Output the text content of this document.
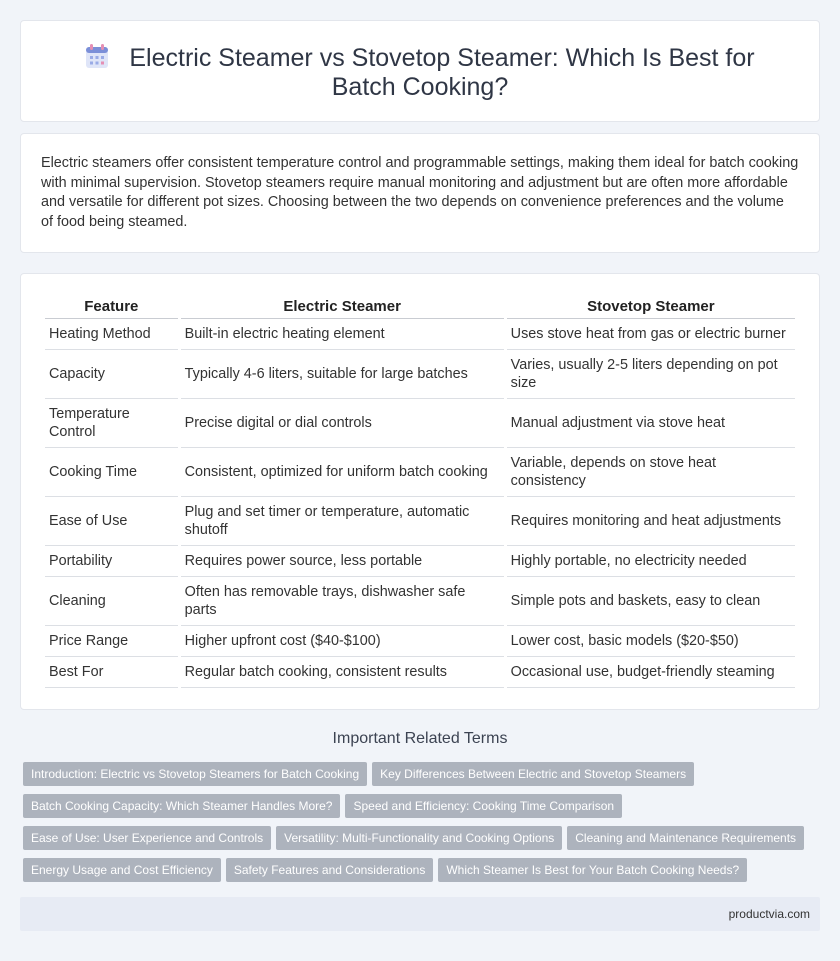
Electric Steamer vs Stovetop Steamer: Which Is Best for Batch Cooking?

Electric steamers offer consistent temperature control and programmable settings, making them ideal for batch cooking with minimal supervision. Stovetop steamers require manual monitoring and adjustment but are often more affordable and versatile for different pot sizes. Choosing between the two depends on convenience preferences and the volume of food being steamed.

Feature	Electric Steamer	Stovetop Steamer
Heating Method	Built-in electric heating element	Uses stove heat from gas or electric burner
Capacity	Typically 4-6 liters, suitable for large batches	Varies, usually 2-5 liters depending on pot size
Temperature Control	Precise digital or dial controls	Manual adjustment via stove heat
Cooking Time	Consistent, optimized for uniform batch cooking	Variable, depends on stove heat consistency
Ease of Use	Plug and set timer or temperature, automatic shutoff	Requires monitoring and heat adjustments
Portability	Requires power source, less portable	Highly portable, no electricity needed
Cleaning	Often has removable trays, dishwasher safe parts	Simple pots and baskets, easy to clean
Price Range	Higher upfront cost ($40-$100)	Lower cost, basic models ($20-$50)
Best For	Regular batch cooking, consistent results	Occasional use, budget-friendly steaming
Important Related Terms
Introduction: Electric vs Stovetop Steamers for Batch Cooking Key Differences Between Electric and Stovetop Steamers
Batch Cooking Capacity: Which Steamer Handles More? Speed and Efficiency: Cooking Time Comparison
Ease of Use: User Experience and Controls Versatility: Multi-Functionality and Cooking Options Cleaning and Maintenance Requirements
Energy Usage and Cost Efficiency Safety Features and Considerations Which Steamer Is Best for Your Batch Cooking Needs?
productvia.com
